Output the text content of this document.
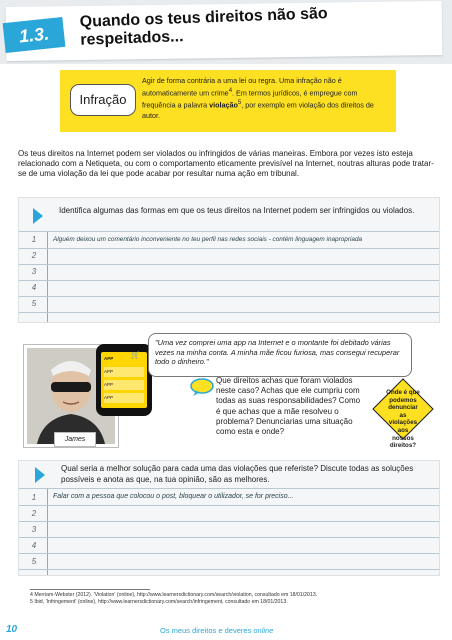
1.3.
Quando os teus direitos não são
respeitados...
Infração
Agir de forma contrária a uma lei ou regra. Uma infração não é automaticamente um crime$^4$. Em termos jurídicos, é empregue com frequência a palavra violação$^5$, por exemplo em violação dos direitos de autor.
Os teus direitos na Internet podem ser violados ou infringidos de várias maneiras. Embora por vezes isto esteja relacionado com a Netiqueta, ou com o comportamento eticamente previsível na Internet, noutras alturas pode tratar-se de uma violação da lei que pode acabar por resultar numa ação em tribunal.
Identifica algumas das formas em que os teus direitos na Internet podem ser infringidos ou violados.
1	Alguém deixou um comentário inconveniente no teu perfil nas redes sociais - contém linguagem inapropriada
2
3
4
5
James
APP	🛒
APP
APP
APP
"Uma vez comprei uma app na Internet e o montante foi debitado várias vezes na minha conta. A minha mãe ficou furiosa, mas consegui recuperar todo o dinheiro."
Que direitos achas que foram violados neste caso? Achas que ele cumpriu com todas as suas responsabilidades? Como é que achas que a mãe resolveu o problema? Denunciarias uma situação como esta e onde?
Onde é que podemos denunciar as violações aos nossos direitos?
Qual seria a melhor solução para cada uma das violações que referiste? Discute todas as soluções possíveis e anota as que, na tua opinião, são as melhores.
1	Falar com a pessoa que colocou o post, bloquear o utilizador, se for preciso...
2
3
4
5
4 Merriam-Webster (2012). 'Violation' (online), http://www.learnersdictionary.com/search/violation, consultado em 18/01/2013.
5 Ibid, 'Infringement' (online), http://www.learnersdictionary.com/search/infringement, consultado em 18/01/2013.
10	Os meus direitos e deveres online
